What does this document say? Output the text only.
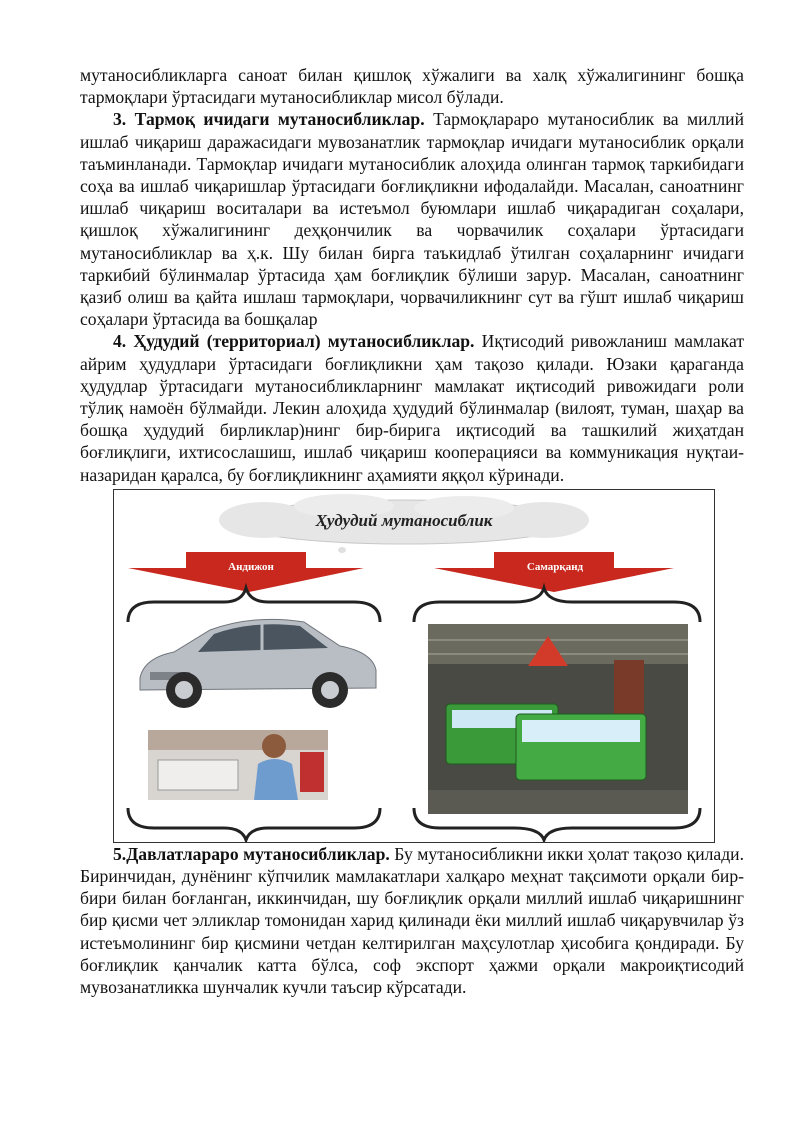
мутаносибликларга саноат билан қишлоқ хўжалиги ва халқ хўжалигининг бошқа тармоқлари ўртасидаги мутаносибликлар мисол бўлади.

3. Тармоқ ичидаги мутаносибликлар. Тармоқлараро мутаносиблик ва миллий ишлаб чиқариш даражасидаги мувозанатлик тармоқлар ичидаги мутаносиблик орқали таъминланади. Тармоқлар ичидаги мутаносиблик алоҳида олинган тармоқ таркибидаги соҳа ва ишлаб чиқаришлар ўртасидаги боғлиқликни ифодалайди. Масалан, саноатнинг ишлаб чиқариш воситалари ва истеъмол буюмлари ишлаб чиқарадиган соҳалари, қишлоқ хўжалигининг деҳқончилик ва чорвачилик соҳалари ўртасидаги мутаносибликлар ва ҳ.к. Шу билан бирга таъкидлаб ўтилган соҳаларнинг ичидаги таркибий бўлинмалар ўртасида ҳам боғлиқлик бўлиши зарур. Масалан, саноатнинг қазиб олиш ва қайта ишлаш тармоқлари, чорвачиликнинг сут ва гўшт ишлаб чиқариш соҳалари ўртасида ва бошқалар

4. Ҳудудий (территориал) мутаносибликлар. Иқтисодий ривожланиш мамлакат айрим ҳудудлари ўртасидаги боғлиқликни ҳам тақозо қилади. Юзаки қараганда ҳудудлар ўртасидаги мутаносибликларнинг мамлакат иқтисодий ривожидаги роли тўлиқ намоён бўлмайди. Лекин алоҳида ҳудудий бўлинмалар (вилоят, туман, шаҳар ва бошқа ҳудудий бирликлар)нинг бир-бирига иқтисодий ва ташкилий жиҳатдан боғлиқлиги, ихтисослашиш, ишлаб чиқариш кооперацияси ва коммуникация нуқтаи-назаридан қаралса, бу боғлиқликнинг аҳамияти яққол кўринади.

Ҳудудий мутаносиблик
Андижон	Самарқанд

5.Давлатлараро мутаносибликлар. Бу мутаносибликни икки ҳолат тақозо қилади. Биринчидан, дунёнинг кўпчилик мамлакатлари халқаро меҳнат тақсимоти орқали бир-бири билан боғланган, иккинчидан, шу боғлиқлик орқали миллий ишлаб чиқаришнинг бир қисми чет элликлар томонидан харид қилинади ёки миллий ишлаб чиқарувчилар ўз истеъмолининг бир қисмини четдан келтирилган маҳсулотлар ҳисобига қондиради. Бу боғлиқлик қанчалик катта бўлса, соф экспорт ҳажми орқали макроиқтисодий мувозанатликка шунчалик кучли таъсир кўрсатади.
